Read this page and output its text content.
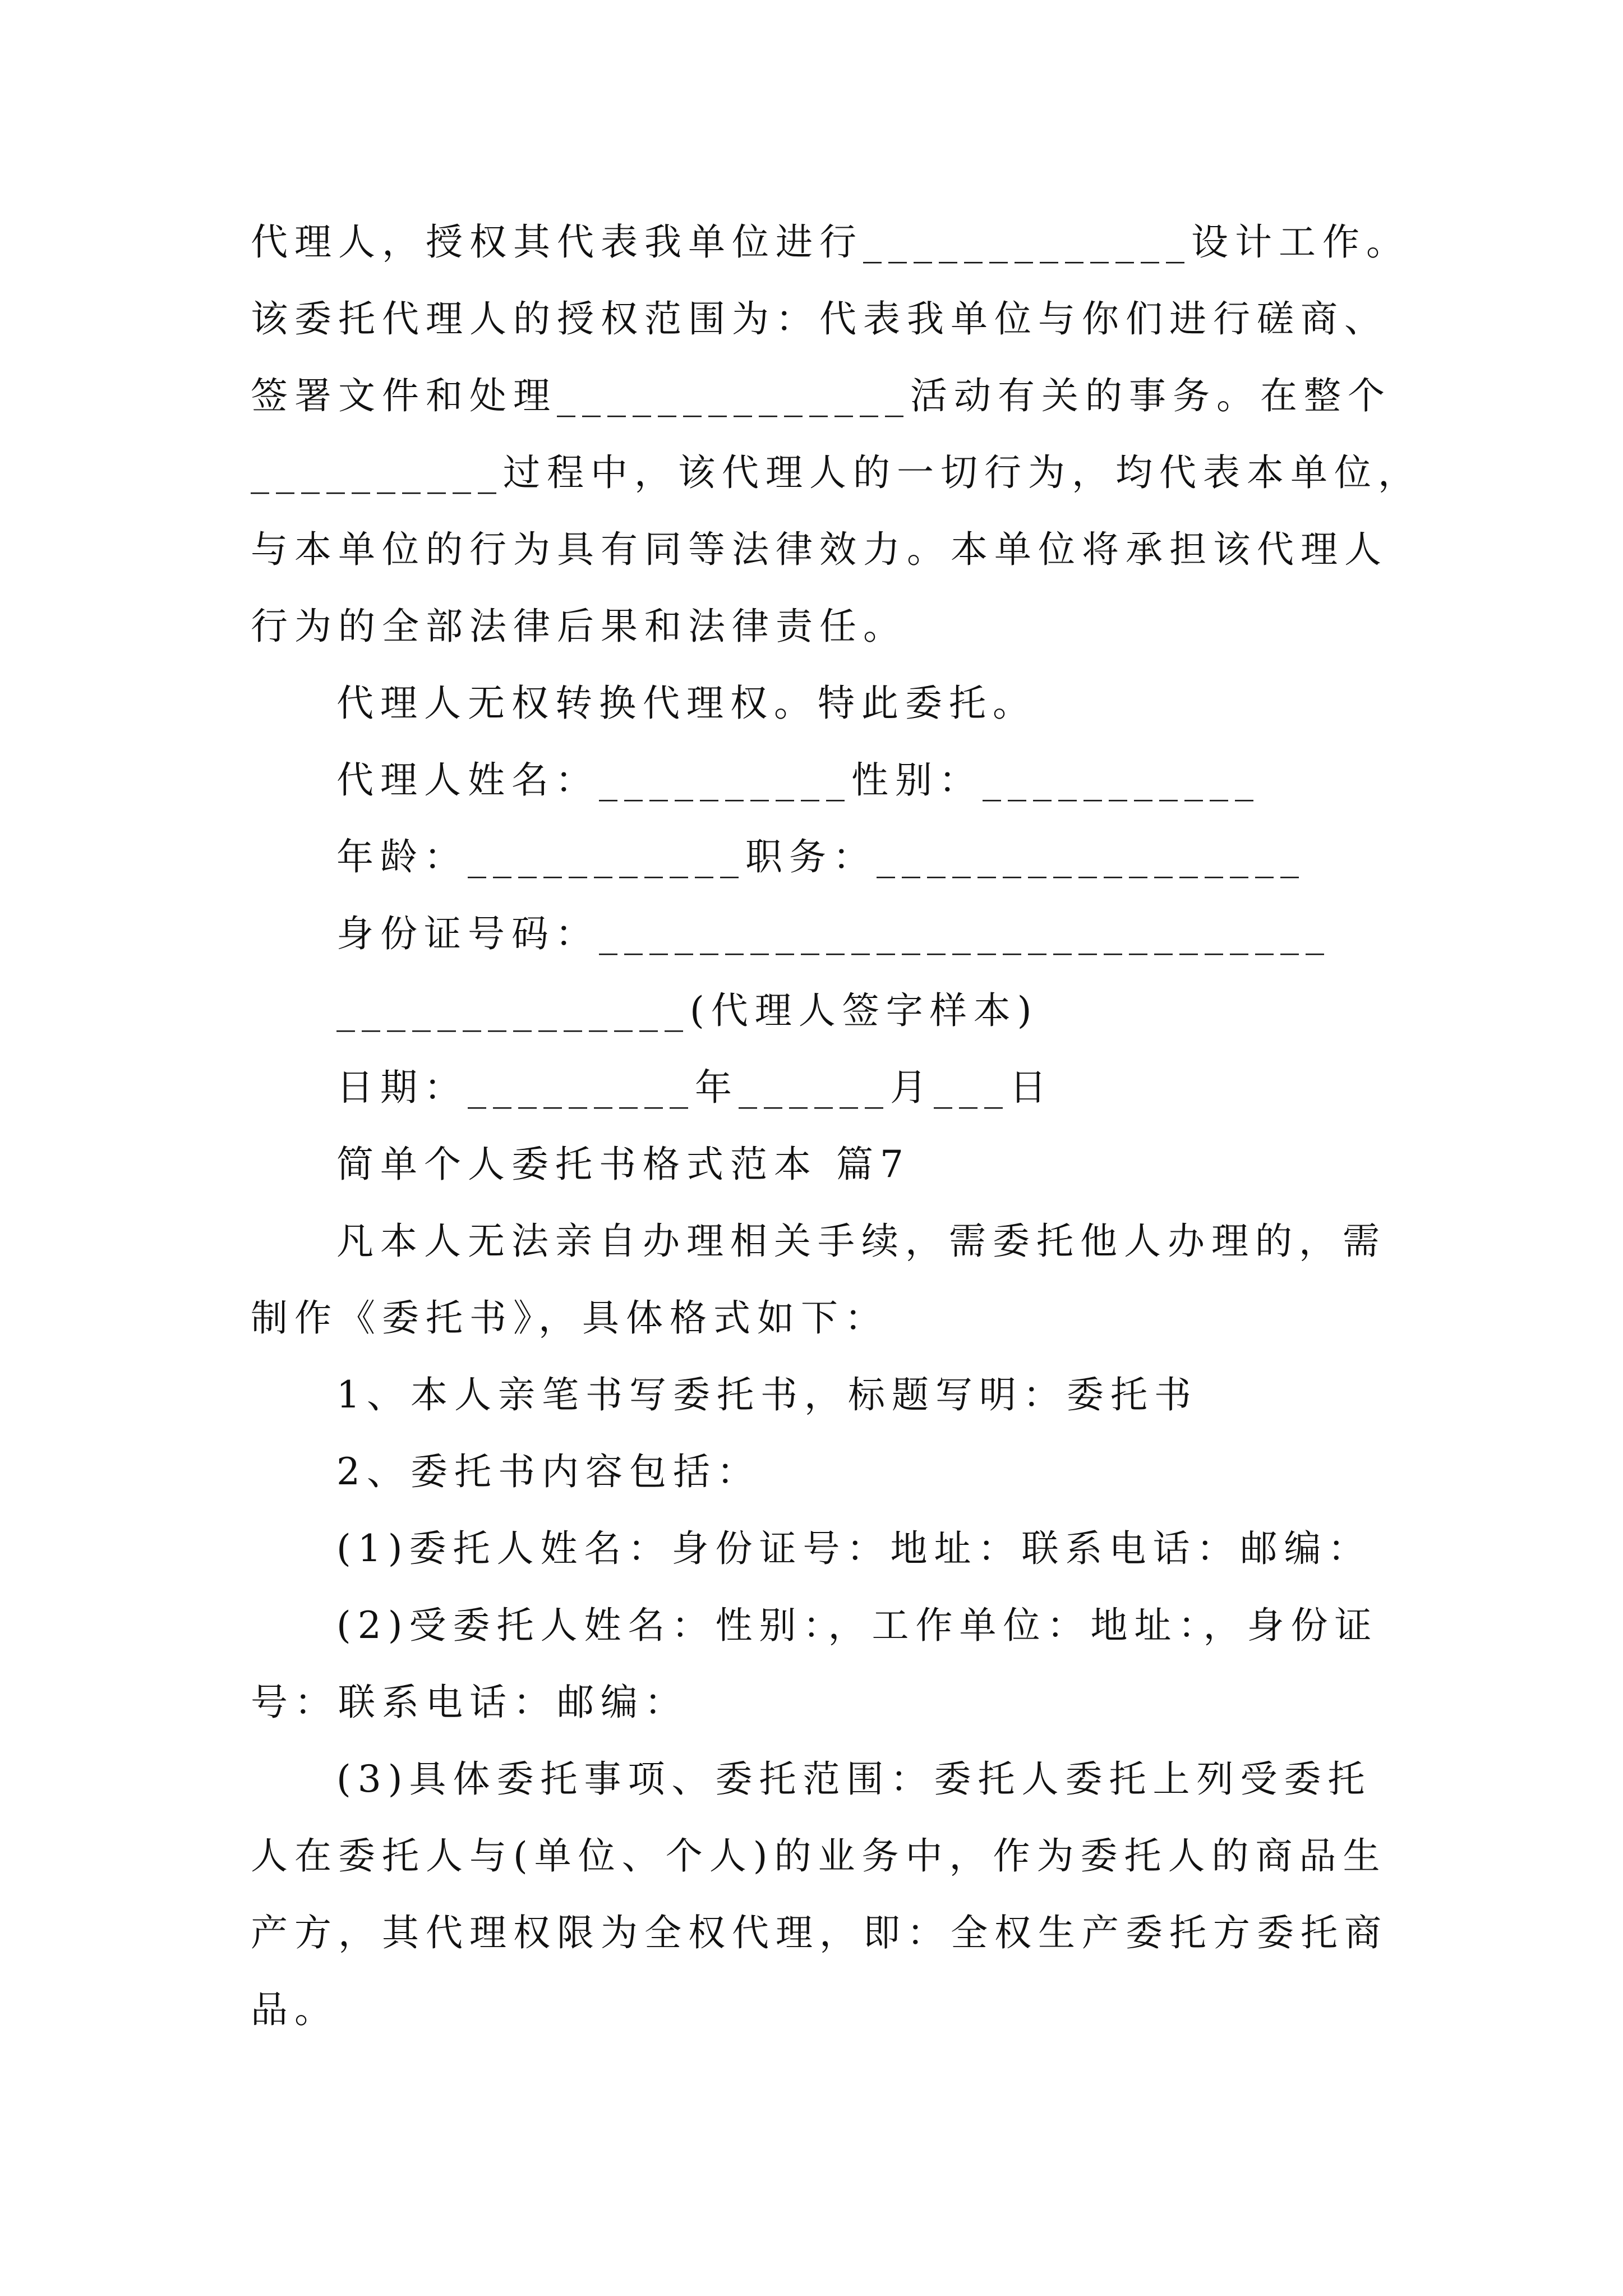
代理人，授权其代表我单位进行_____________设计工作。
该委托代理人的授权范围为：代表我单位与你们进行磋商、
签署文件和处理______________活动有关的事务。在整个
__________过程中，该代理人的一切行为，均代表本单位，
与本单位的行为具有同等法律效力。本单位将承担该代理人
行为的全部法律后果和法律责任。
代理人无权转换代理权。特此委托。
代理人姓名：__________性别：___________
年龄：___________职务：_________________
身份证号码：_____________________________
______________(代理人签字样本)
日期：_________年______月___日
简单个人委托书格式范本 篇7
凡本人无法亲自办理相关手续，需委托他人办理的，需
制作《委托书》，具体格式如下：
1、本人亲笔书写委托书，标题写明：委托书
2、委托书内容包括：
(1)委托人姓名：身份证号：地址：联系电话：邮编：
(2)受委托人姓名：性别：，工作单位：地址：，身份证
号：联系电话：邮编：
(3)具体委托事项、委托范围：委托人委托上列受委托
人在委托人与(单位、个人)的业务中，作为委托人的商品生
产方，其代理权限为全权代理，即：全权生产委托方委托商
品。
